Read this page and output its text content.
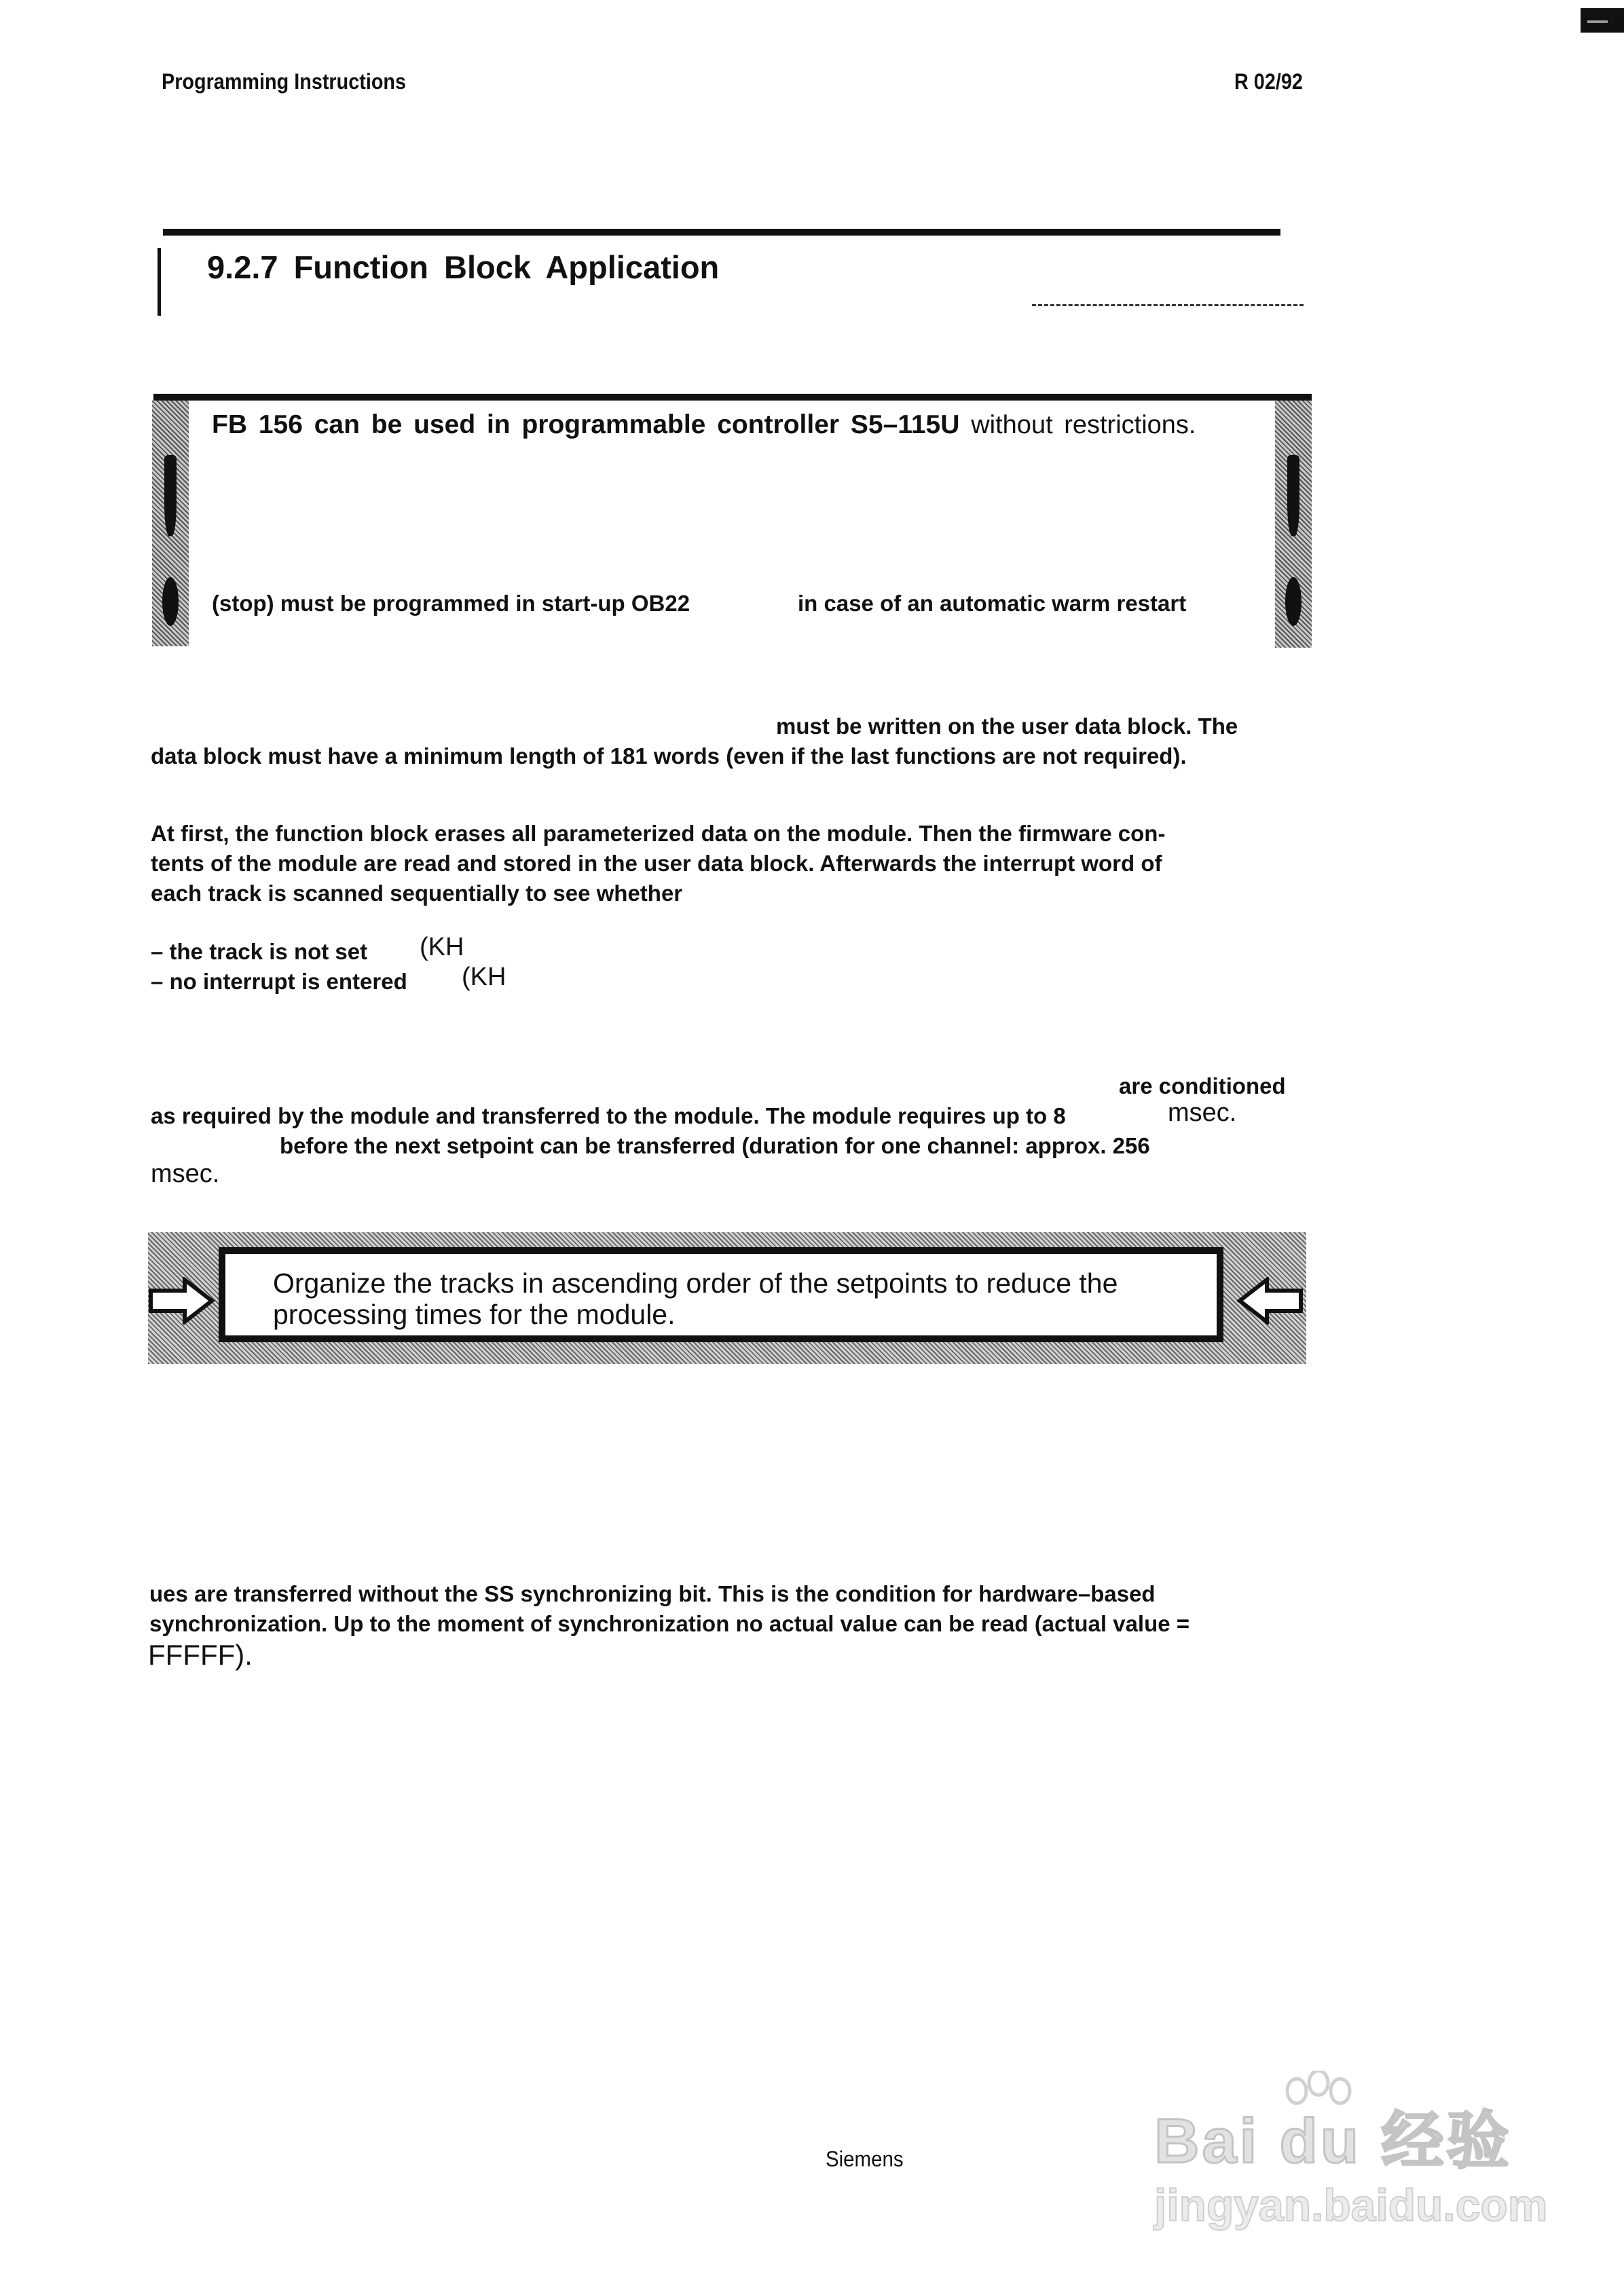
Programming Instructions	R 02/92
9.2.7 Function Block Application
FB 156 can be used in programmable controller S5–115U without restrictions.
(stop) must be programmed in start-up OB22	in case of an automatic warm restart
must be written on the user data block. The
data block must have a minimum length of 181 words (even if the last functions are not required).
At first, the function block erases all parameterized data on the module. Then the firmware con-
tents of the module are read and stored in the user data block. Afterwards the interrupt word of
each track is scanned sequentially to see whether
– the track is not set (KH
– no interrupt is entered (KH
are conditioned
as required by the module and transferred to the module. The module requires up to 8	msec.
before the next setpoint can be transferred (duration for one channel: approx. 256
msec.
Organize the tracks in ascending order of the setpoints to reduce the
processing times for the module.
ues are transferred without the SS synchronizing bit. This is the condition for hardware–based
synchronization. Up to the moment of synchronization no actual value can be read (actual value =
FFFFF).
Siemens	Bai du 经验
jingyan.baidu.com
